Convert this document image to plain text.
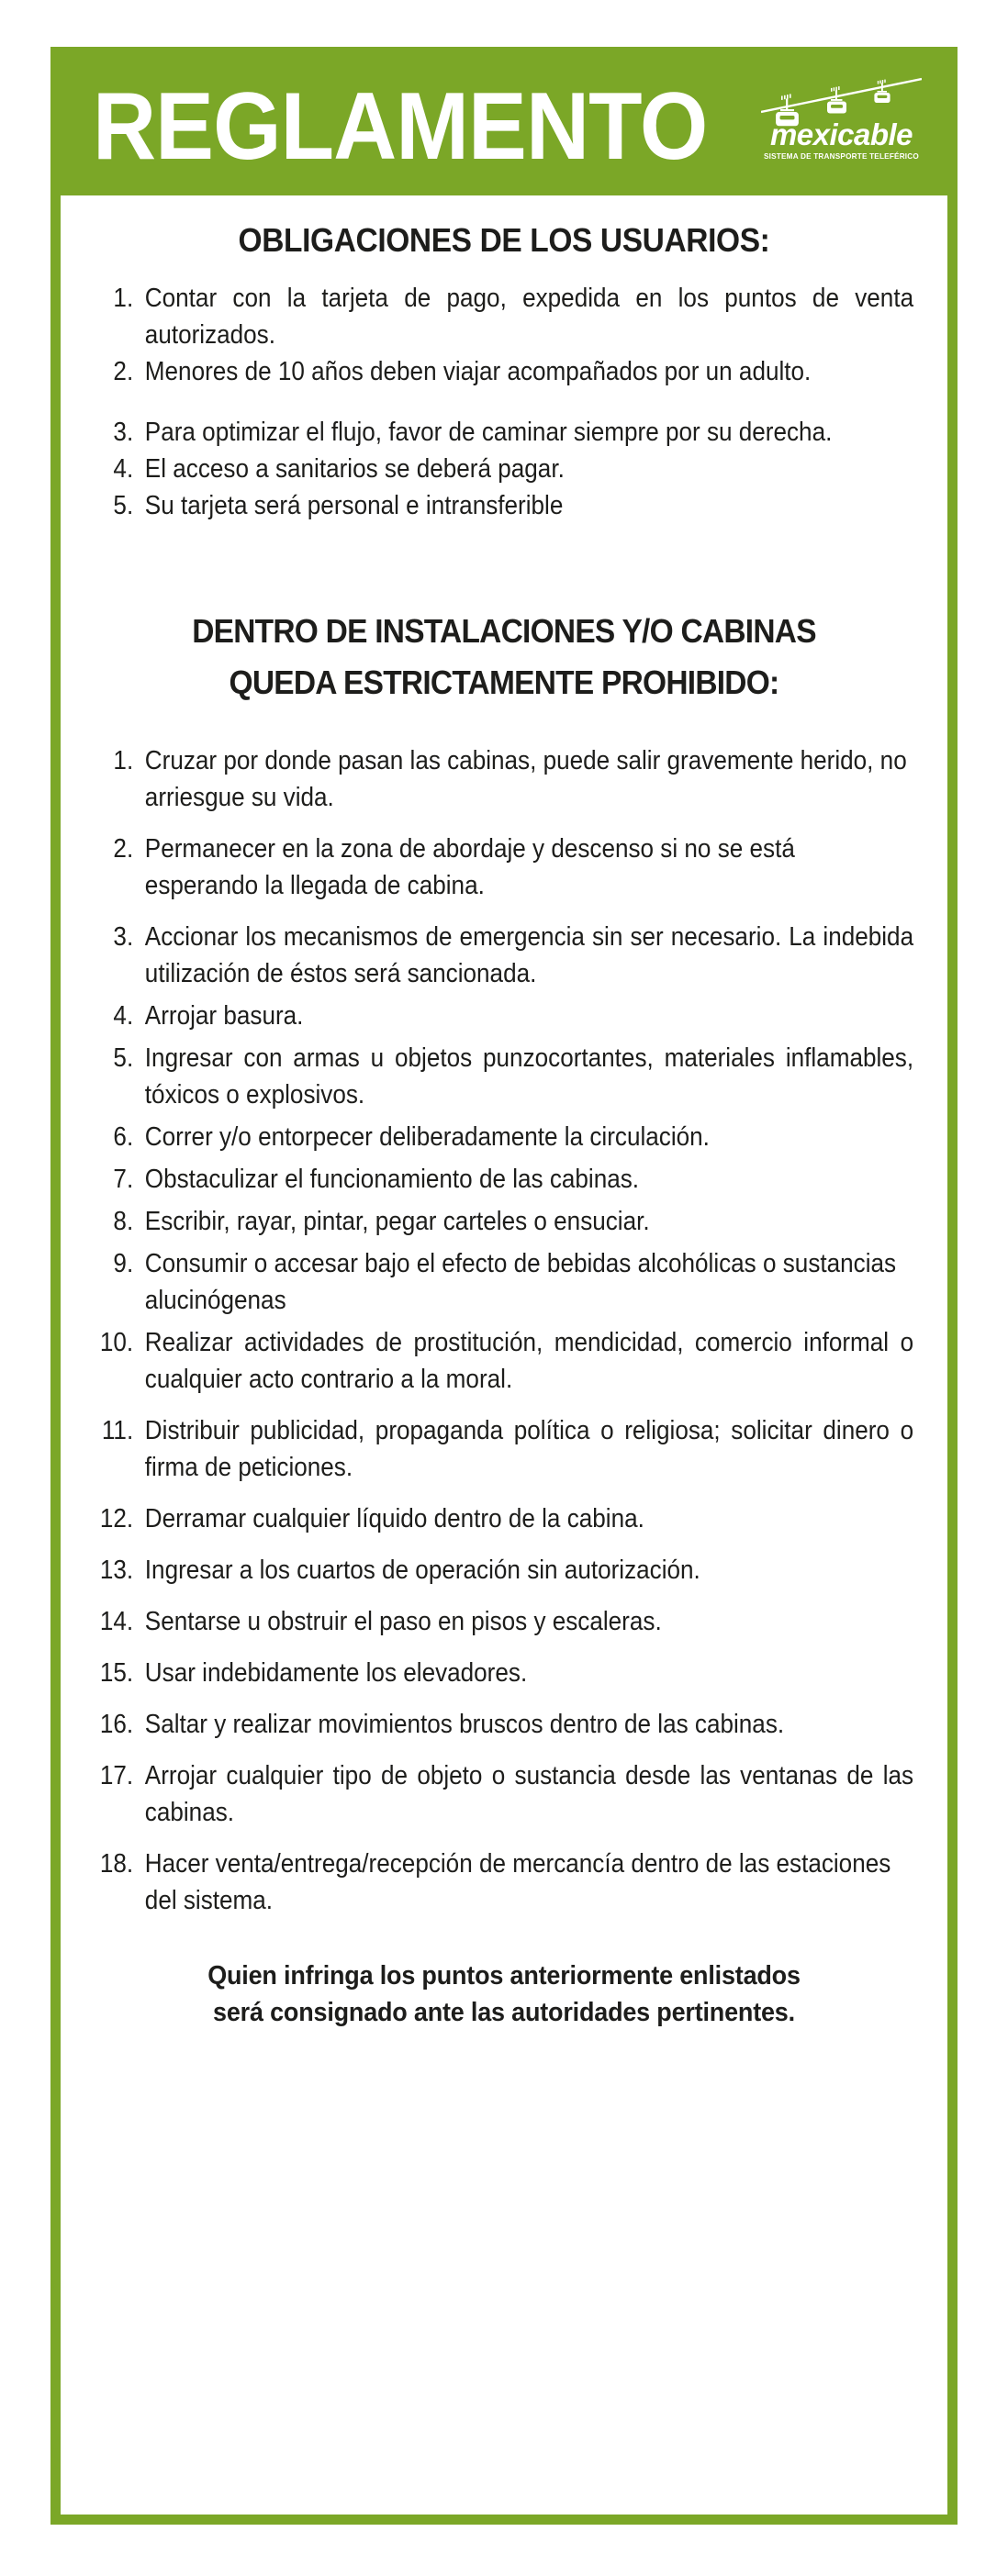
REGLAMENTO	mexicable
SISTEMA DE TRANSPORTE TELEFÉRICO
OBLIGACIONES DE LOS USUARIOS:
1. Contar con la tarjeta de pago, expedida en los puntos de venta autorizados.
2. Menores de 10 años deben viajar acompañados por un adulto.
3. Para optimizar el flujo, favor de caminar siempre por su derecha.
4. El acceso a sanitarios se deberá pagar.
5. Su tarjeta será personal e intransferible
DENTRO DE INSTALACIONES Y/O CABINAS
QUEDA ESTRICTAMENTE PROHIBIDO:
1. Cruzar por donde pasan las cabinas, puede salir gravemente herido, no arriesgue su vida.
2. Permanecer en la zona de abordaje y descenso si no se está esperando la llegada de cabina.
3. Accionar los mecanismos de emergencia sin ser necesario. La indebida utilización de éstos será sancionada.
4. Arrojar basura.
5. Ingresar con armas u objetos punzocortantes, materiales inflamables, tóxicos o explosivos.
6. Correr y/o entorpecer deliberadamente la circulación.
7. Obstaculizar el funcionamiento de las cabinas.
8. Escribir, rayar, pintar, pegar carteles o ensuciar.
9. Consumir o accesar bajo el efecto de bebidas alcohólicas o sustancias alucinógenas
10. Realizar actividades de prostitución, mendicidad, comercio informal o cualquier acto contrario a la moral.
11. Distribuir publicidad, propaganda política o religiosa; solicitar dinero o firma de peticiones.
12. Derramar cualquier líquido dentro de la cabina.
13. Ingresar a los cuartos de operación sin autorización.
14. Sentarse u obstruir el paso en pisos y escaleras.
15. Usar indebidamente los elevadores.
16. Saltar y realizar movimientos bruscos dentro de las cabinas.
17. Arrojar cualquier tipo de objeto o sustancia desde las ventanas de las cabinas.
18. Hacer venta/entrega/recepción de mercancía dentro de las estaciones del sistema.
Quien infringa los puntos anteriormente enlistados
será consignado ante las autoridades pertinentes.
